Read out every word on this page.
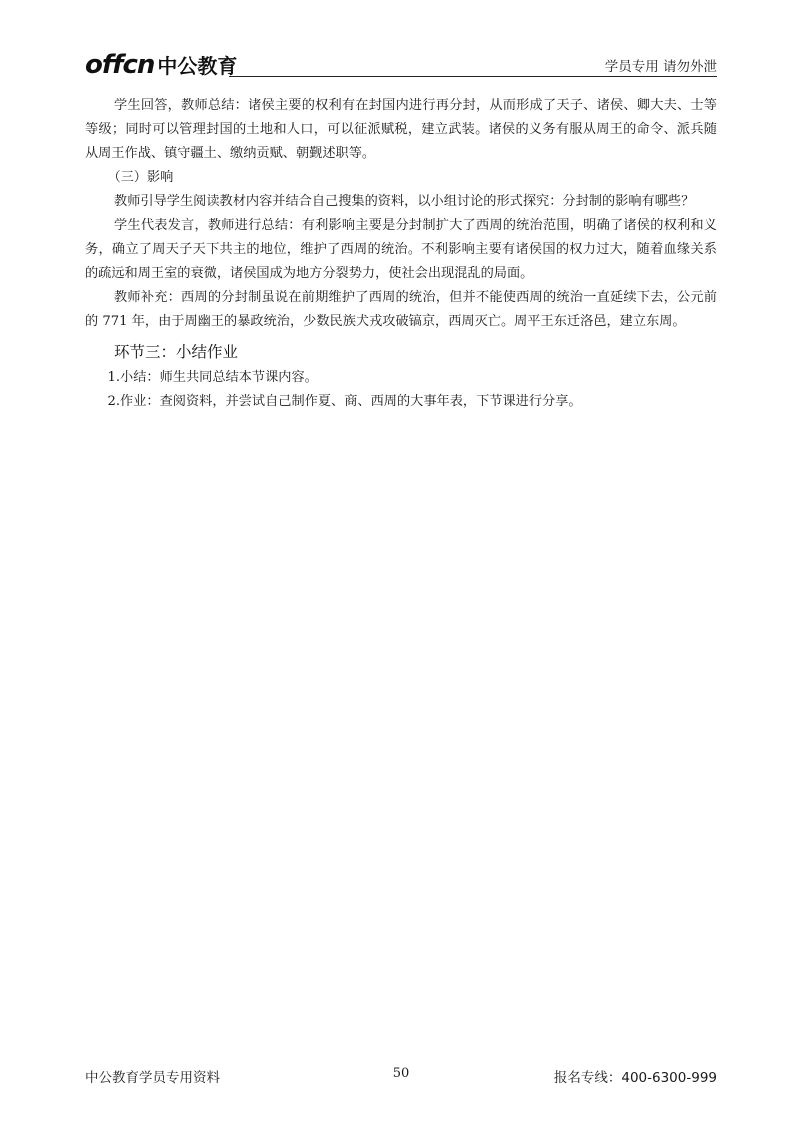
offcn 中公教育	学员专用 请勿外泄

学生回答，教师总结：诸侯主要的权利有在封国内进行再分封，从而形成了天子、诸侯、卿大夫、士等等级；同时可以管理封国的土地和人口，可以征派赋税，建立武装。诸侯的义务有服从周王的命令、派兵随从周王作战、镇守疆土、缴纳贡赋、朝觐述职等。

（三）影响

教师引导学生阅读教材内容并结合自己搜集的资料，以小组讨论的形式探究：分封制的影响有哪些？

学生代表发言，教师进行总结：有利影响主要是分封制扩大了西周的统治范围，明确了诸侯的权利和义务，确立了周天子天下共主的地位，维护了西周的统治。不利影响主要有诸侯国的权力过大，随着血缘关系的疏远和周王室的衰微，诸侯国成为地方分裂势力，使社会出现混乱的局面。

教师补充：西周的分封制虽说在前期维护了西周的统治，但并不能使西周的统治一直延续下去，公元前的 771 年，由于周幽王的暴政统治，少数民族犬戎攻破镐京，西周灭亡。周平王东迁洛邑，建立东周。

环节三：小结作业

1.小结：师生共同总结本节课内容。

2.作业：查阅资料，并尝试自己制作夏、商、西周的大事年表，下节课进行分享。

中公教育学员专用资料	50	报名专线：400-6300-999
